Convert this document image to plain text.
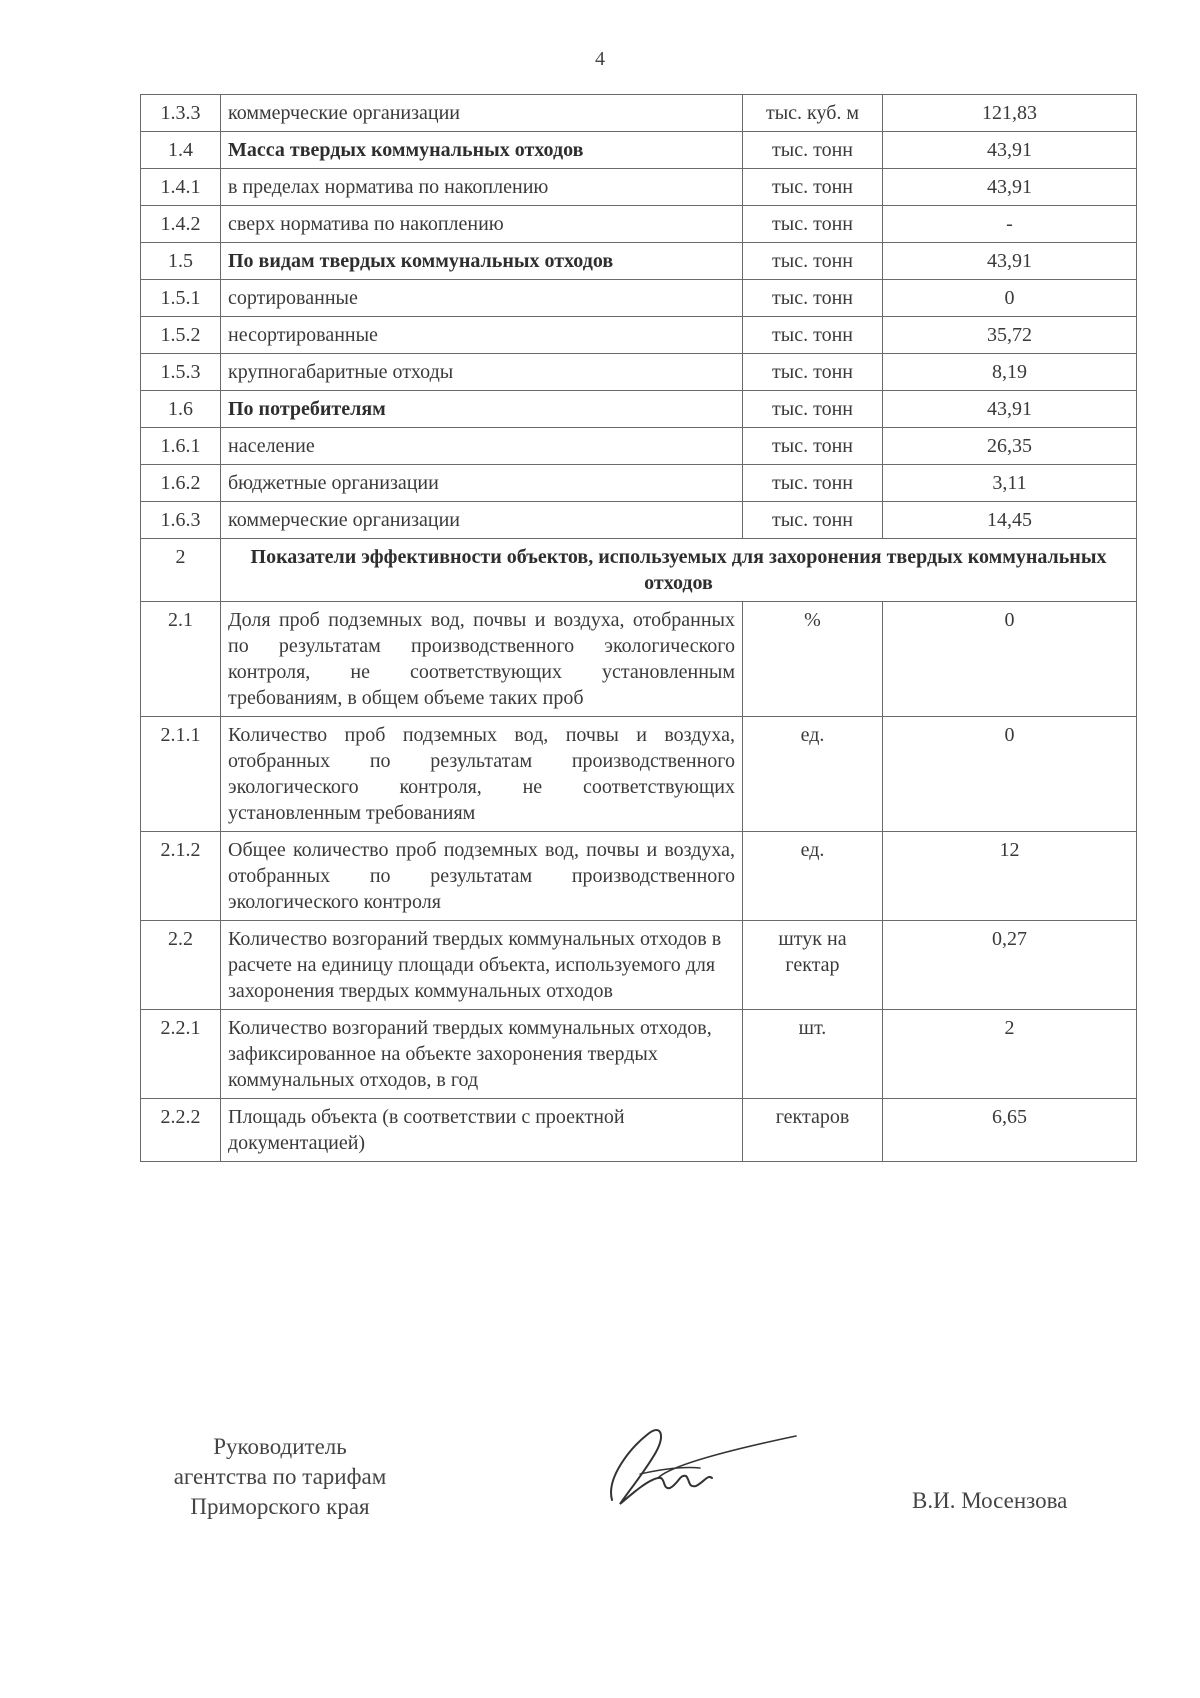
4
1.3.3	коммерческие организации	тыс. куб. м	121,83
1.4	Масса твердых коммунальных отходов	тыс. тонн	43,91
1.4.1	в пределах норматива по накоплению	тыс. тонн	43,91
1.4.2	сверх норматива по накоплению	тыс. тонн	-
1.5	По видам твердых коммунальных отходов	тыс. тонн	43,91
1.5.1	сортированные	тыс. тонн	0
1.5.2	несортированные	тыс. тонн	35,72
1.5.3	крупногабаритные отходы	тыс. тонн	8,19
1.6	По потребителям	тыс. тонн	43,91
1.6.1	население	тыс. тонн	26,35
1.6.2	бюджетные организации	тыс. тонн	3,11
1.6.3	коммерческие организации	тыс. тонн	14,45
2	Показатели эффективности объектов, используемых для захоронения твердых коммунальных отходов		
2.1	Доля проб подземных вод, почвы и воздуха, отобранных по результатам производственного экологического контроля, не соответствующих установленным требованиям, в общем объеме таких проб	%	0
2.1.1	Количество проб подземных вод, почвы и воздуха, отобранных по результатам производственного экологического контроля, не соответствующих установленным требованиям	ед.	0
2.1.2	Общее количество проб подземных вод, почвы и воздуха, отобранных по результатам производственного экологического контроля	ед.	12
2.2	Количество возгораний твердых коммунальных отходов в расчете на единицу площади объекта, используемого для захоронения твердых коммунальных отходов	штук на гектар	0,27
2.2.1	Количество возгораний твердых коммунальных отходов, зафиксированное на объекте захоронения твердых коммунальных отходов, в год	шт.	2
2.2.2	Площадь объекта (в соответствии с проектной документацией)	гектаров	6,65
Руководитель
агентства по тарифам
Приморского края	В.И. Мосензова
